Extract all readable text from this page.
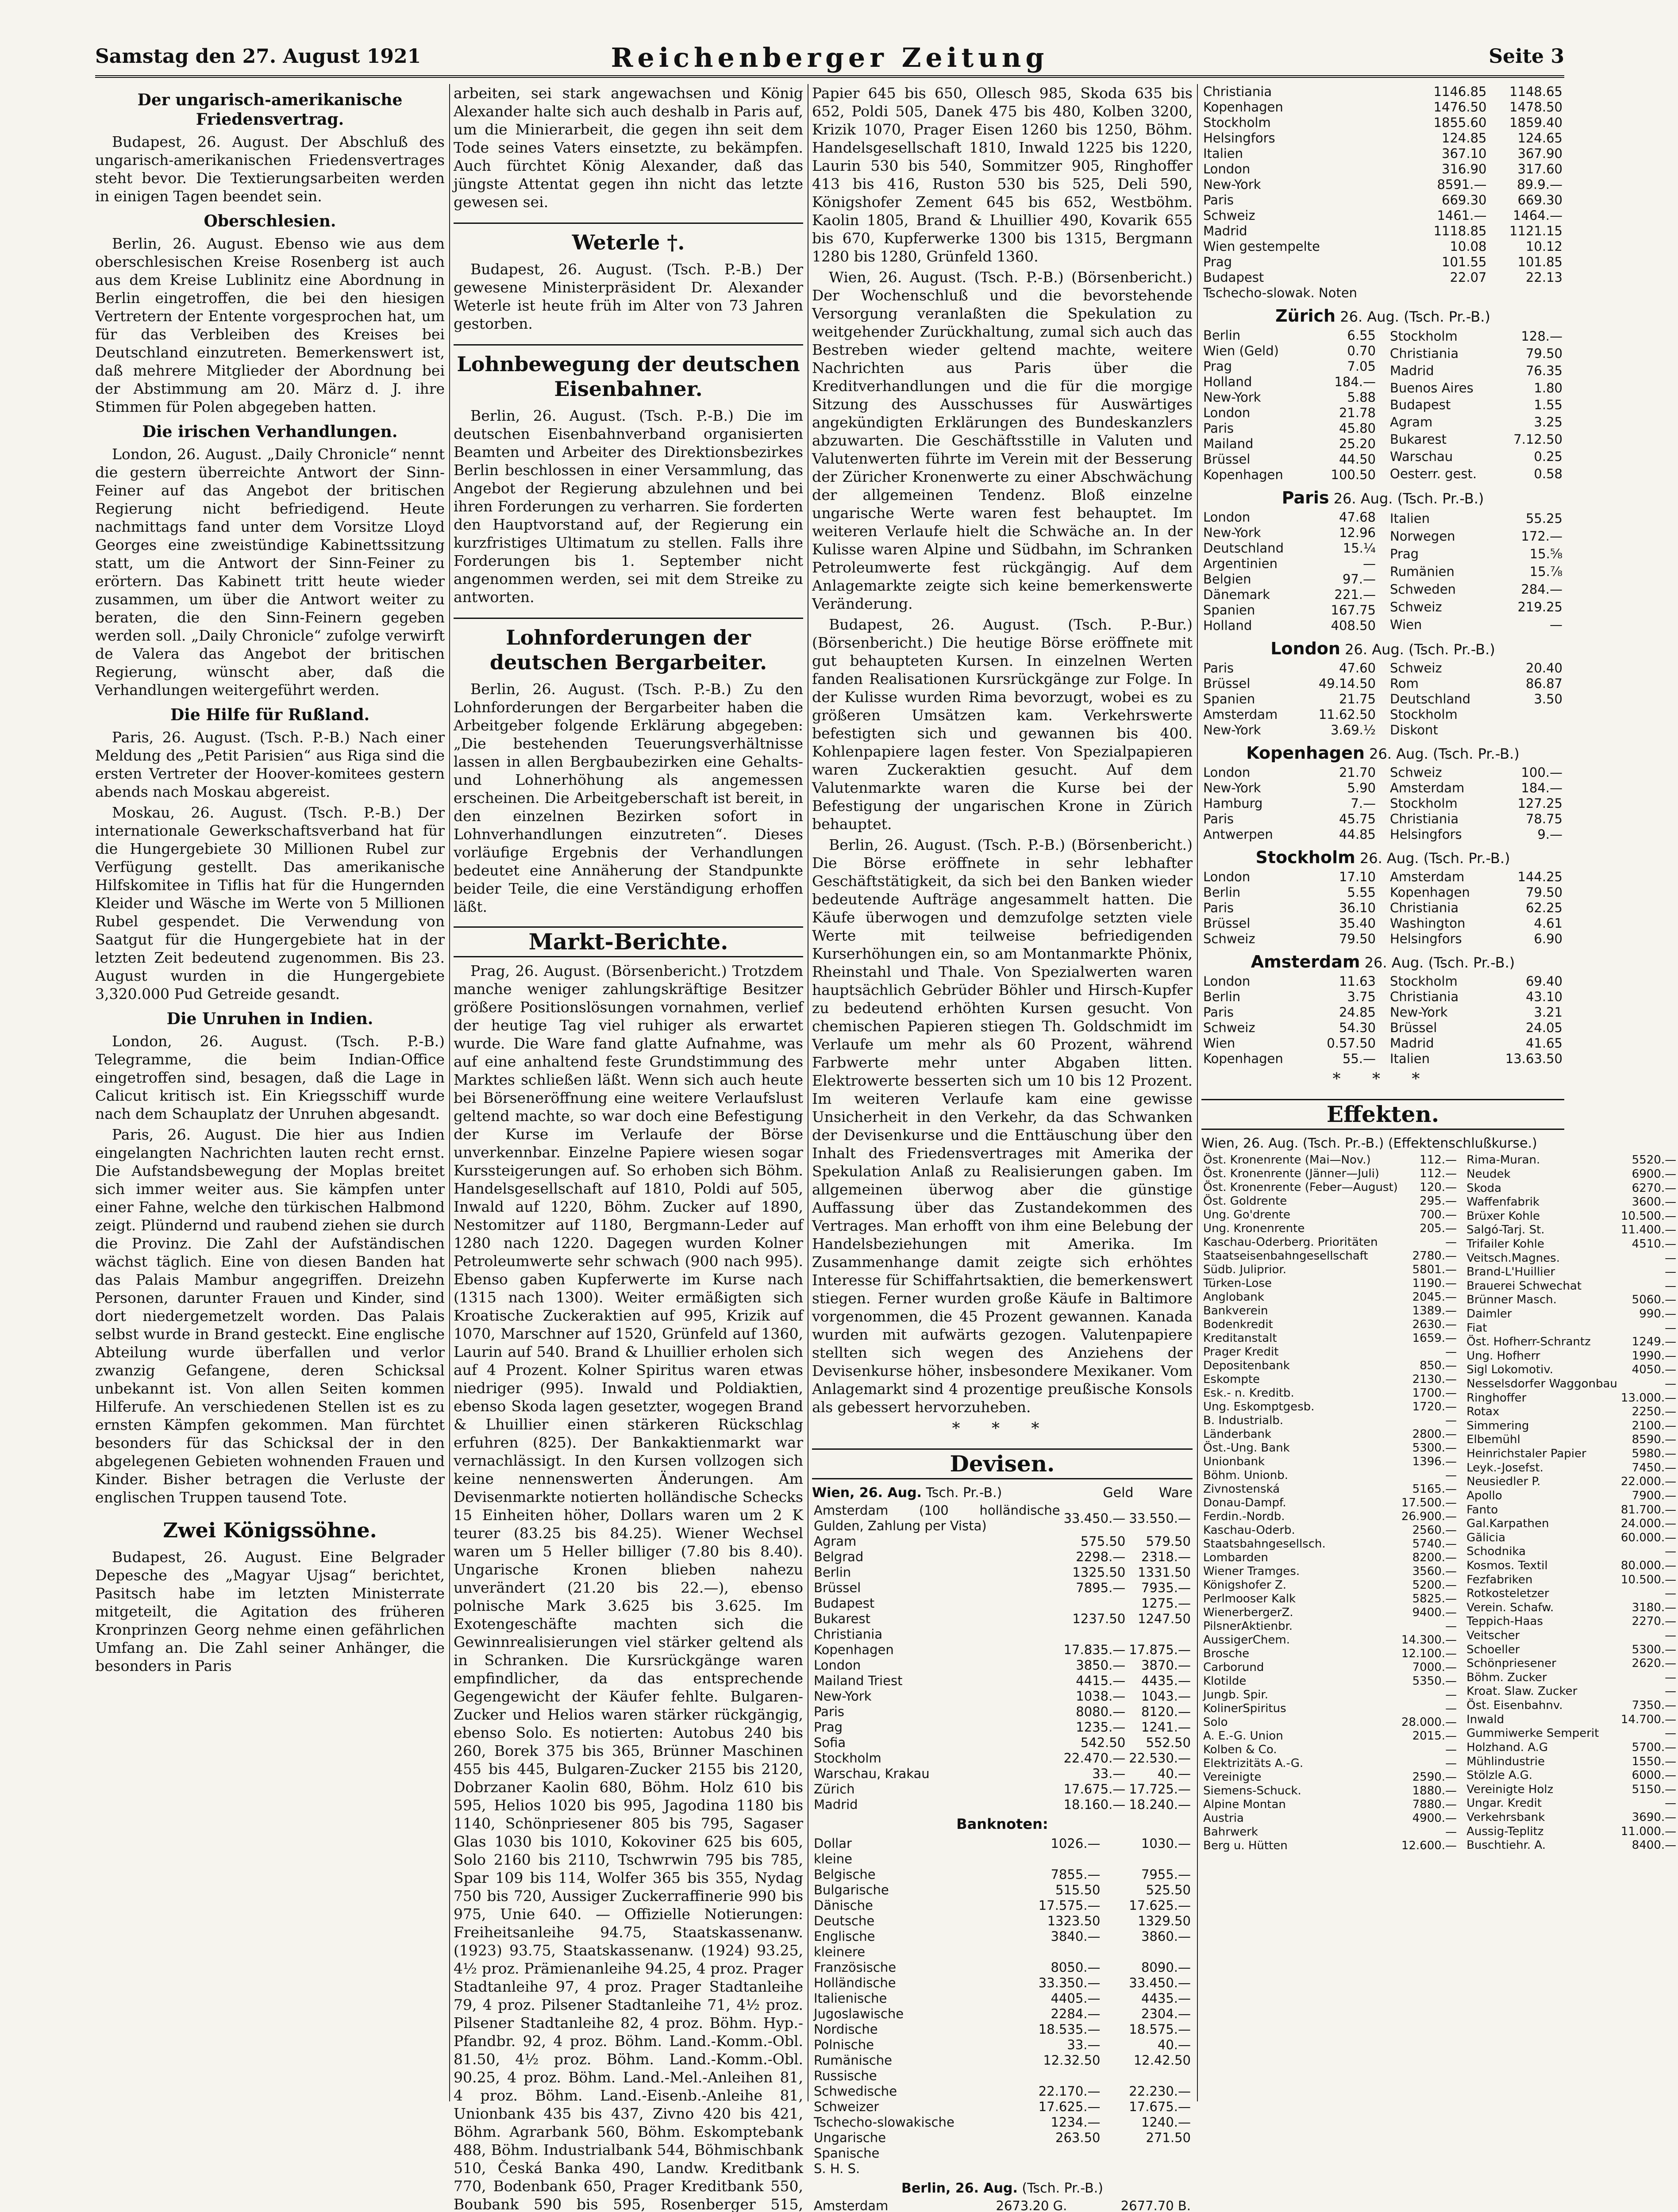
Samstag den 27. August 1921	Reichenberger Zeitung	Seite 3
Der ungarisch-amerikanische Friedensvertrag.

Budapest, 26. August. Der Abschluß des ungarisch-amerikanischen Friedensvertrages steht bevor. Die Textierungsarbeiten werden in einigen Tagen beendet sein.

Oberschlesien.

Berlin, 26. August. Ebenso wie aus dem oberschlesischen Kreise Rosenberg ist auch aus dem Kreise Lublinitz eine Abordnung in Berlin eingetroffen, die bei den hiesigen Vertretern der Entente vorgesprochen hat, um für das Verbleiben des Kreises bei Deutschland einzutreten. Bemerkenswert ist, daß mehrere Mitglieder der Abordnung bei der Abstimmung am 20. März d. J. ihre Stimmen für Polen abgegeben hatten.

Die irischen Verhandlungen.

London, 26. August. „Daily Chronicle“ nennt die gestern überreichte Antwort der Sinn-Feiner auf das Angebot der britischen Regierung nicht befriedigend. Heute nachmittags fand unter dem Vorsitze Lloyd Georges eine zweistündige Kabinettssitzung statt, um die Antwort der Sinn-Feiner zu erörtern. Das Kabinett tritt heute wieder zusammen, um über die Antwort weiter zu beraten, die den Sinn-Feinern gegeben werden soll. „Daily Chronicle“ zufolge verwirft de Valera das Angebot der britischen Regierung, wünscht aber, daß die Verhandlungen weitergeführt werden.

Die Hilfe für Rußland.

Paris, 26. August. (Tsch. P.-B.) Nach einer Meldung des „Petit Parisien“ aus Riga sind die ersten Vertreter der Hoover-komitees gestern abends nach Moskau abgereist.

Moskau, 26. August. (Tsch. P.-B.) Der internationale Gewerkschaftsverband hat für die Hungergebiete 30 Millionen Rubel zur Verfügung gestellt. Das amerikanische Hilfskomitee in Tiflis hat für die Hungernden Kleider und Wäsche im Werte von 5 Millionen Rubel gespendet. Die Verwendung von Saatgut für die Hungergebiete hat in der letzten Zeit bedeutend zugenommen. Bis 23. August wurden in die Hungergebiete 3,320.000 Pud Getreide gesandt.

Die Unruhen in Indien.

London, 26. August. (Tsch. P.-B.) Telegramme, die beim Indian-Office eingetroffen sind, besagen, daß die Lage in Calicut kritisch ist. Ein Kriegsschiff wurde nach dem Schauplatz der Unruhen abgesandt.

Paris, 26. August. Die hier aus Indien eingelangten Nachrichten lauten recht ernst. Die Aufstandsbewegung der Moplas breitet sich immer weiter aus. Sie kämpfen unter einer Fahne, welche den türkischen Halbmond zeigt. Plündernd und raubend ziehen sie durch die Provinz. Die Zahl der Aufständischen wächst täglich. Eine von diesen Banden hat das Palais Mambur angegriffen. Dreizehn Personen, darunter Frauen und Kinder, sind dort niedergemetzelt worden. Das Palais selbst wurde in Brand gesteckt. Eine englische Abteilung wurde überfallen und verlor zwanzig Gefangene, deren Schicksal unbekannt ist. Von allen Seiten kommen Hilferufe. An verschiedenen Stellen ist es zu ernsten Kämpfen gekommen. Man fürchtet besonders für das Schicksal der in den abgelegenen Gebieten wohnenden Frauen und Kinder. Bisher betragen die Verluste der englischen Truppen tausend Tote.

Zwei Königssöhne.

Budapest, 26. August. Eine Belgrader Depesche des „Magyar Ujsag“ berichtet, Pasitsch habe im letzten Ministerrate mitgeteilt, die Agitation des früheren Kronprinzen Georg nehme einen gefährlichen Umfang an. Die Zahl seiner Anhänger, die besonders in Paris

arbeiten, sei stark angewachsen und König Alexander halte sich auch deshalb in Paris auf, um die Minierarbeit, die gegen ihn seit dem Tode seines Vaters einsetzte, zu bekämpfen. Auch fürchtet König Alexander, daß das jüngste Attentat gegen ihn nicht das letzte gewesen sei.

Weterle †.

Budapest, 26. August. (Tsch. P.-B.) Der gewesene Ministerpräsident Dr. Alexander Weterle ist heute früh im Alter von 73 Jahren gestorben.

Lohnbewegung der deutschen Eisenbahner.

Berlin, 26. August. (Tsch. P.-B.) Die im deutschen Eisenbahnverband organisierten Beamten und Arbeiter des Direktionsbezirkes Berlin beschlossen in einer Versammlung, das Angebot der Regierung abzulehnen und bei ihren Forderungen zu verharren. Sie forderten den Hauptvorstand auf, der Regierung ein kurzfristiges Ultimatum zu stellen. Falls ihre Forderungen bis 1. September nicht angenommen werden, sei mit dem Streike zu antworten.

Lohnforderungen der deutschen Bergarbeiter.

Berlin, 26. August. (Tsch. P.-B.) Zu den Lohnforderungen der Bergarbeiter haben die Arbeitgeber folgende Erklärung abgegeben: „Die bestehenden Teuerungsverhältnisse lassen in allen Bergbaubezirken eine Gehalts- und Lohnerhöhung als angemessen erscheinen. Die Arbeitgeberschaft ist bereit, in den einzelnen Bezirken sofort in Lohnverhandlungen einzutreten“. Dieses vorläufige Ergebnis der Verhandlungen bedeutet eine Annäherung der Standpunkte beider Teile, die eine Verständigung erhoffen läßt.

Markt-Berichte.

Prag, 26. August. (Börsenbericht.) Trotzdem manche weniger zahlungskräftige Besitzer größere Positionslösungen vornahmen, verlief der heutige Tag viel ruhiger als erwartet wurde. Die Ware fand glatte Aufnahme, was auf eine anhaltend feste Grundstimmung des Marktes schließen läßt. Wenn sich auch heute bei Börseneröffnung eine weitere Verlaufslust geltend machte, so war doch eine Befestigung der Kurse im Verlaufe der Börse unverkennbar. Einzelne Papiere wiesen sogar Kurssteigerungen auf. So erhoben sich Böhm. Handelsgesellschaft auf 1810, Poldi auf 505, Inwald auf 1220, Böhm. Zucker auf 1890, Nestomitzer auf 1180, Bergmann-Leder auf 1280 nach 1220. Dagegen wurden Kolner Petroleumwerte sehr schwach (900 nach 995). Ebenso gaben Kupferwerte im Kurse nach (1315 nach 1300). Weiter ermäßigten sich Kroatische Zuckeraktien auf 995, Krizik auf 1070, Marschner auf 1520, Grünfeld auf 1360, Laurin auf 540. Brand & Lhuillier erholen sich auf 4 Prozent. Kolner Spiritus waren etwas niedriger (995). Inwald und Poldiaktien, ebenso Skoda lagen gesetzter, wogegen Brand & Lhuillier einen stärkeren Rückschlag erfuhren (825). Der Bankaktienmarkt war vernachlässigt. In den Kursen vollzogen sich keine nennenswerten Änderungen. Am Devisenmarkte notierten holländische Schecks 15 Einheiten höher, Dollars waren um 2 K teurer (83.25 bis 84.25). Wiener Wechsel waren um 5 Heller billiger (7.80 bis 8.40). Ungarische Kronen blieben nahezu unverändert (21.20 bis 22.—), ebenso polnische Mark 3.625 bis 3.625. Im Exotengeschäfte machten sich die Gewinnrealisierungen viel stärker geltend als in Schranken. Die Kursrückgänge waren empfindlicher, da das entsprechende Gegengewicht der Käufer fehlte. Bulgaren-Zucker und Helios waren stärker rückgängig, ebenso Solo. Es notierten: Autobus 240 bis 260, Borek 375 bis 365, Brünner Maschinen 455 bis 445, Bulgaren-Zucker 2155 bis 2120, Dobrzaner Kaolin 680, Böhm. Holz 610 bis 595, Helios 1020 bis 995, Jagodina 1180 bis 1140, Schönpriesener 805 bis 795, Sagaser Glas 1030 bis 1010, Kokoviner 625 bis 605, Solo 2160 bis 2110, Tschwrwin 795 bis 785, Spar 109 bis 114, Wolfer 365 bis 355, Nydag 750 bis 720, Aussiger Zuckerraffinerie 990 bis 975, Unie 640. — Offizielle Notierungen: Freiheitsanleihe 94.75, Staatskassenanw. (1923) 93.75, Staatskassenanw. (1924) 93.25, 4½ proz. Prämienanleihe 94.25, 4 proz. Prager Stadtanleihe 97, 4 proz. Prager Stadtanleihe 79, 4 proz. Pilsener Stadtanleihe 71, 4½ proz. Pilsener Stadtanleihe 82, 4 proz. Böhm. Hyp.-Pfandbr. 92, 4 proz. Böhm. Land.-Komm.-Obl. 81.50, 4½ proz. Böhm. Land.-Komm.-Obl. 90.25, 4 proz. Böhm. Land.-Mel.-Anleihen 81, 4 proz. Böhm. Land.-Eisenb.-Anleihe 81, Unionbank 435 bis 437, Zivno 420 bis 421, Böhm. Agrarbank 560, Böhm. Eskomptebank 488, Böhm. Industrialbank 544, Böhmischbank 510, Česká Banka 490, Landw. Kreditbank 770, Bodenbank 650, Prager Kreditbank 550, Boubank 590 bis 595, Rosenberger 515,

Papier 645 bis 650, Ollesch 985, Skoda 635 bis 652, Poldi 505, Danek 475 bis 480, Kolben 3200, Krizik 1070, Prager Eisen 1260 bis 1250, Böhm. Handelsgesellschaft 1810, Inwald 1225 bis 1220, Laurin 530 bis 540, Sommitzer 905, Ringhoffer 413 bis 416, Ruston 530 bis 525, Deli 590, Königshofer Zement 645 bis 652, Westböhm. Kaolin 1805, Brand & Lhuillier 490, Kovarik 655 bis 670, Kupferwerke 1300 bis 1315, Bergmann 1280 bis 1280, Grünfeld 1360.

Wien, 26. August. (Tsch. P.-B.) (Börsenbericht.) Der Wochenschluß und die bevorstehende Versorgung veranlaßten die Spekulation zu weitgehender Zurückhaltung, zumal sich auch das Bestreben wieder geltend machte, weitere Nachrichten aus Paris über die Kreditverhandlungen und die für die morgige Sitzung des Ausschusses für Auswärtiges angekündigten Erklärungen des Bundeskanzlers abzuwarten. Die Geschäftsstille in Valuten und Valutenwerten führte im Verein mit der Besserung der Züricher Kronenwerte zu einer Abschwächung der allgemeinen Tendenz. Bloß einzelne ungarische Werte waren fest behauptet. Im weiteren Verlaufe hielt die Schwäche an. In der Kulisse waren Alpine und Südbahn, im Schranken Petroleumwerte fest rückgängig. Auf dem Anlagemarkte zeigte sich keine bemerkenswerte Veränderung.

Budapest, 26. August. (Tsch. P.-Bur.) (Börsenbericht.) Die heutige Börse eröffnete mit gut behaupteten Kursen. In einzelnen Werten fanden Realisationen Kursrückgänge zur Folge. In der Kulisse wurden Rima bevorzugt, wobei es zu größeren Umsätzen kam. Verkehrswerte befestigten sich und gewannen bis 400. Kohlenpapiere lagen fester. Von Spezialpapieren waren Zuckeraktien gesucht. Auf dem Valutenmarkte waren die Kurse bei der Befestigung der ungarischen Krone in Zürich behauptet.

Berlin, 26. August. (Tsch. P.-B.) (Börsenbericht.) Die Börse eröffnete in sehr lebhafter Geschäftstätigkeit, da sich bei den Banken wieder bedeutende Aufträge angesammelt hatten. Die Käufe überwogen und demzufolge setzten viele Werte mit teilweise befriedigenden Kurserhöhungen ein, so am Montanmarkte Phönix, Rheinstahl und Thale. Von Spezialwerten waren hauptsächlich Gebrüder Böhler und Hirsch-Kupfer zu bedeutend erhöhten Kursen gesucht. Von chemischen Papieren stiegen Th. Goldschmidt im Verlaufe um mehr als 60 Prozent, während Farbwerte mehr unter Abgaben litten. Elektrowerte besserten sich um 10 bis 12 Prozent. Im weiteren Verlaufe kam eine gewisse Unsicherheit in den Verkehr, da das Schwanken der Devisenkurse und die Enttäuschung über den Inhalt des Friedensvertrages mit Amerika der Spekulation Anlaß zu Realisierungen gaben. Im allgemeinen überwog aber die günstige Auffassung über das Zustandekommen des Vertrages. Man erhofft von ihm eine Belebung der Handelsbeziehungen mit Amerika. Im Zusammenhange damit zeigte sich erhöhtes Interesse für Schiffahrtsaktien, die bemerkenswert stiegen. Ferner wurden große Käufe in Baltimore vorgenommen, die 45 Prozent gewannen. Kanada wurden mit aufwärts gezogen. Valutenpapiere stellten sich wegen des Anziehens der Devisenkurse höher, insbesondere Mexikaner. Vom Anlagemarkt sind 4 prozentige preußische Konsols als gebessert hervorzuheben.

* * *
Devisen.
Wien, 26. Aug. Tsch. Pr.-B.)	Geld Ware
Amsterdam (100 holländische Gulden, Zahlung per Vista)	33.450.—	33.550.—
Agram	575.50	579.50
Belgrad	2298.—	2318.—
Berlin	1325.50	1331.50
Brüssel	7895.—	7935.—
Budapest		1275.—
Bukarest	1237.50	1247.50
Christiania		
Kopenhagen	17.835.—	17.875.—
London	3850.—	3870.—
Mailand Triest	4415.—	4435.—
New-York	1038.—	1043.—
Paris	8080.—	8120.—
Prag	1235.—	1241.—
Sofia	542.50	552.50
Stockholm	22.470.—	22.530.—
Warschau, Krakau	33.—	40.—
Zürich	17.675.—	17.725.—
Madrid	18.160.—	18.240.—
Banknoten:
Dollar	1026.—	1030.—
kleine		
Belgische	7855.—	7955.—
Bulgarische	515.50	525.50
Dänische	17.575.—	17.625.—
Deutsche	1323.50	1329.50
Englische	3840.—	3860.—
kleinere		
Französische	8050.—	8090.—
Holländische	33.350.—	33.450.—
Italienische	4405.—	4435.—
Jugoslawische	2284.—	2304.—
Nordische	18.535.—	18.575.—
Polnische	33.—	40.—
Rumänische	12.32.50	12.42.50
Russische		
Schwedische	22.170.—	22.230.—
Schweizer	17.625.—	17.675.—
Tschecho-slowakische	1234.—	1240.—
Ungarische	263.50	271.50
Spanische		
S. H. S.		
Berlin, 26. Aug. (Tsch. Pr.-B.)
Amsterdam	2673.20 G.	2677.70 B.

Christiania	1146.85	1148.65
Kopenhagen	1476.50	1478.50
Stockholm	1855.60	1859.40
Helsingfors	124.85	124.65
Italien	367.10	367.90
London	316.90	317.60
New-York	8591.—	89.9.—
Paris	669.30	669.30
Schweiz	1461.—	1464.—
Madrid	1118.85	1121.15
Wien gestempelte	10.08	10.12
Prag	101.55	101.85
Budapest	22.07	22.13
Tschecho-slowak. Noten		
Zürich 26. Aug. (Tsch. Pr.-B.)
Berlin	6.55
Wien (Geld)	0.70
Prag	7.05
Holland	184.—
New-York	5.88
London	21.78
Paris	45.80
Mailand	25.20
Brüssel	44.50
Kopenhagen	100.50
Stockholm	128.—
Christiania	79.50
Madrid	76.35
Buenos Aires	1.80
Budapest	1.55
Agram	3.25
Bukarest	7.12.50
Warschau	0.25
Oesterr. gest.	0.58
Paris 26. Aug. (Tsch. Pr.-B.)
London	47.68
New-York	12.96
Deutschland	15.¼
Argentinien	—
Belgien	97.—
Dänemark	221.—
Spanien	167.75
Holland	408.50
Italien	55.25
Norwegen	172.—
Prag	15.⅝
Rumänien	15.⅞
Schweden	284.—
Schweiz	219.25
Wien	—
London 26. Aug. (Tsch. Pr.-B.)
Paris	47.60
Brüssel	49.14.50
Spanien	21.75
Amsterdam	11.62.50
New-York	3.69.½
Schweiz	20.40
Rom	86.87
Deutschland	3.50
Stockholm	
Diskont	
Kopenhagen 26. Aug. (Tsch. Pr.-B.)
London	21.70
New-York	5.90
Hamburg	7.—
Paris	45.75
Antwerpen	44.85
Schweiz	100.—
Amsterdam	184.—
Stockholm	127.25
Christiania	78.75
Helsingfors	9.—
Stockholm 26. Aug. (Tsch. Pr.-B.)
London	17.10
Berlin	5.55
Paris	36.10
Brüssel	35.40
Schweiz	79.50
Amsterdam	144.25
Kopenhagen	79.50
Christiania	62.25
Washington	4.61
Helsingfors	6.90
Amsterdam 26. Aug. (Tsch. Pr.-B.)
London	11.63
Berlin	3.75
Paris	24.85
Schweiz	54.30
Wien	0.57.50
Kopenhagen	55.—
Stockholm	69.40
Christiania	43.10
New-York	3.21
Brüssel	24.05
Madrid	41.65
Italien	13.63.50
* * *
Effekten.
Wien, 26. Aug. (Tsch. Pr.-B.) (Effektenschlußkurse.)
Öst. Kronenrente (Mai—Nov.)	112.—
Öst. Kronenrente (Jänner—Juli)	112.—
Öst. Kronenrente (Feber—August)	120.—
Öst. Goldrente	295.—
Ung. Go'drente	700.—
Ung. Kronenrente	205.—
Kaschau-Oderberg. Prioritäten	—
Staatseisenbahngesellschaft	2780.—
Südb. Juliprior.	5801.—
Türken-Lose	1190.—
Anglobank	2045.—
Bankverein	1389.—
Bodenkredit	2630.—
Kreditanstalt	1659.—
Prager Kredit	—
Depositenbank	850.—
Eskompte	2130.—
Esk.- n. Kreditb.	1700.—
Ung. Eskomptgesb.	1720.—
B. Industrialb.	—
Länderbank	2800.—
Öst.-Ung. Bank	5300.—
Unionbank	1396.—
Böhm. Unionb.	—
Zivnostenská	5165.—
Donau-Dampf.	17.500.—
Ferdin.-Nordb.	26.900.—
Kaschau-Oderb.	2560.—
Staatsbahngesellsch.	5740.—
Lombarden	8200.—
Wiener Tramges.	3560.—
Königshofer Z.	5200.—
Perlmooser Kalk	5825.—
WienerbergerZ.	9400.—
PilsnerAktienbr.	—
AussigerChem.	14.300.—
Brosche	12.100.—
Carborund	7000.—
Klotilde	5350.—
Jungb. Spir.	—
KolinerSpiritus	—
Solo	28.000.—
A. E.-G. Union	2015.—
Kolben & Co.	—
Elektrizitäts A.-G.	—
Vereinigte	2590.—
Siemens-Schuck.	1880.—
Alpine Montan	7880.—
Austria	4900.—
Bahrwerk	—
Berg u. Hütten	12.600.—
Rima-Muran.	5520.—
Neudek	6900.—
Skoda	6270.—
Waffenfabrik	3600.—
Brüxer Kohle	10.500.—
Salgó-Tarj. St.	11.400.—
Trifailer Kohle	4510.—
Veitsch.Magnes.	—
Brand-L'Huillier	—
Brauerei Schwechat	—
Brünner Masch.	5060.—
Daimler	990.—
Fiat	—
Öst. Hofherr-Schrantz	1249.—
Ung. Hofherr	1990.—
Sigl Lokomotiv.	4050.—
Nesselsdorfer Waggonbau	—
Ringhoffer	13.000.—
Rotax	2250.—
Simmering	2100.—
Elbemühl	8590.—
Heinrichstaler Papier	5980.—
Leyk.-Josefst.	7450.—
Neusiedler P.	22.000.—
Apollo	7900.—
Fanto	81.700.—
Gal.Karpathen	24.000.—
Gălicia	60.000.—
Schodnika	—
Kosmos. Textil	80.000.—
Fezfabriken	10.500.—
Rotkosteletzer	—
Verein. Schafw.	3180.—
Teppich-Haas	2270.—
Veitscher	—
Schoeller	5300.—
Schönpriesener	2620.—
Böhm. Zucker	—
Kroat. Slaw. Zucker	—
Öst. Eisenbahnv.	7350.—
Inwald	14.700.—
Gummiwerke Semperit	—
Holzhand. A.G	5700.—
Mühlindustrie	1550.—
Stölzle A.G.	6000.—
Vereinigte Holz	5150.—
Ungar. Kredit	—
Verkehrsbank	3690.—
Aussig-Teplitz	11.000.—
Buschtiehr. A.	8400.—
